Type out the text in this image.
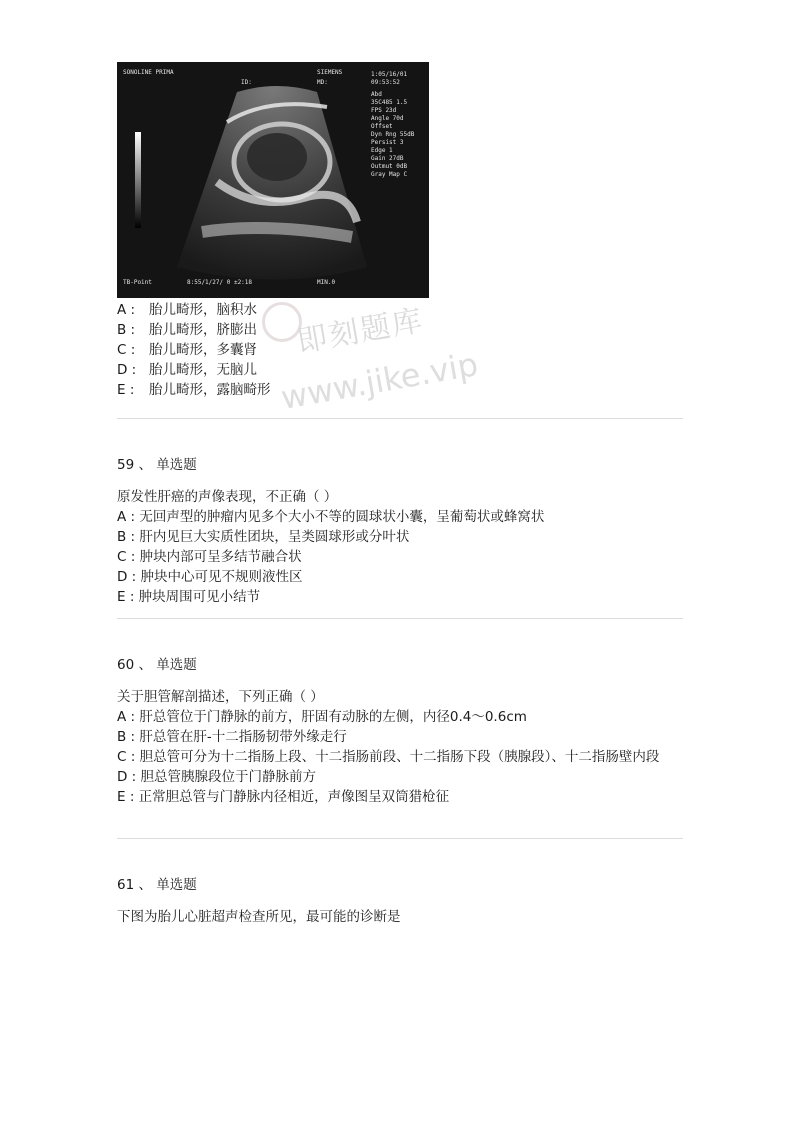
SONOLINE PRIMA	SIEMENS
ID:	MD:
1:05/16/01
09:53:52
Abd
35C485 1.5
FPS 23d
Angle 70d
Offset
Dyn Rng 55dB
Persist 3
Edge 1
Gain 27dB
Outmut 0dB
Gray Map C
TB-Point	8:55/1/27/ 0 ±2:18	MIN.0
A : 胎儿畸形，脑积水
B : 胎儿畸形，脐膨出
C : 胎儿畸形，多囊肾
D : 胎儿畸形，无脑儿
E : 胎儿畸形，露脑畸形
即刻题库
www.jike.vip
59 、 单选题
原发性肝癌的声像表现，不正确（ ）
A : 无回声型的肿瘤内见多个大小不等的圆球状小囊，呈葡萄状或蜂窝状
B : 肝内见巨大实质性团块，呈类圆球形或分叶状
C : 肿块内部可呈多结节融合状
D : 肿块中心可见不规则液性区
E : 肿块周围可见小结节
60 、 单选题
关于胆管解剖描述，下列正确（ ）
A : 肝总管位于门静脉的前方，肝固有动脉的左侧，内径0.4～0.6cm
B : 肝总管在肝-十二指肠韧带外缘走行
C : 胆总管可分为十二指肠上段、十二指肠前段、十二指肠下段（胰腺段）、十二指肠壁内段
D : 胆总管胰腺段位于门静脉前方
E : 正常胆总管与门静脉内径相近，声像图呈双筒猎枪征
61 、 单选题
下图为胎儿心脏超声检查所见，最可能的诊断是
